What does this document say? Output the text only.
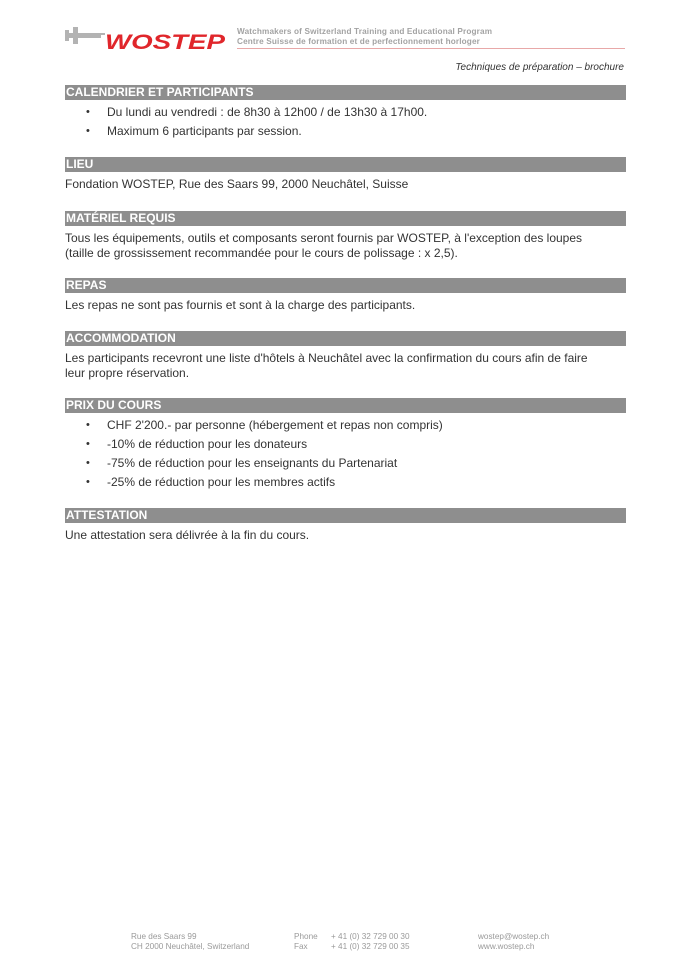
WOSTEP Watchmakers of Switzerland Training and Educational Program
Centre Suisse de formation et de perfectionnement horloger
Techniques de préparation – brochure
CALENDRIER ET PARTICIPANTS
• Du lundi au vendredi : de 8h30 à 12h00 / de 13h30 à 17h00.
• Maximum 6 participants par session.
LIEU
Fondation WOSTEP, Rue des Saars 99, 2000 Neuchâtel, Suisse
MATÉRIEL REQUIS
Tous les équipements, outils et composants seront fournis par WOSTEP, à l'exception des loupes
(taille de grossissement recommandée pour le cours de polissage : x 2,5).
REPAS
Les repas ne sont pas fournis et sont à la charge des participants.
ACCOMMODATION
Les participants recevront une liste d'hôtels à Neuchâtel avec la confirmation du cours afin de faire
leur propre réservation.
PRIX DU COURS
• CHF 2'200.- par personne (hébergement et repas non compris)
• -10% de réduction pour les donateurs
• -75% de réduction pour les enseignants du Partenariat
• -25% de réduction pour les membres actifs
ATTESTATION
Une attestation sera délivrée à la fin du cours.
Rue des Saars 99
CH 2000 Neuchâtel, Switzerland
Phone
Fax
+ 41 (0) 32 729 00 30
+ 41 (0) 32 729 00 35
wostep@wostep.ch
www.wostep.ch
